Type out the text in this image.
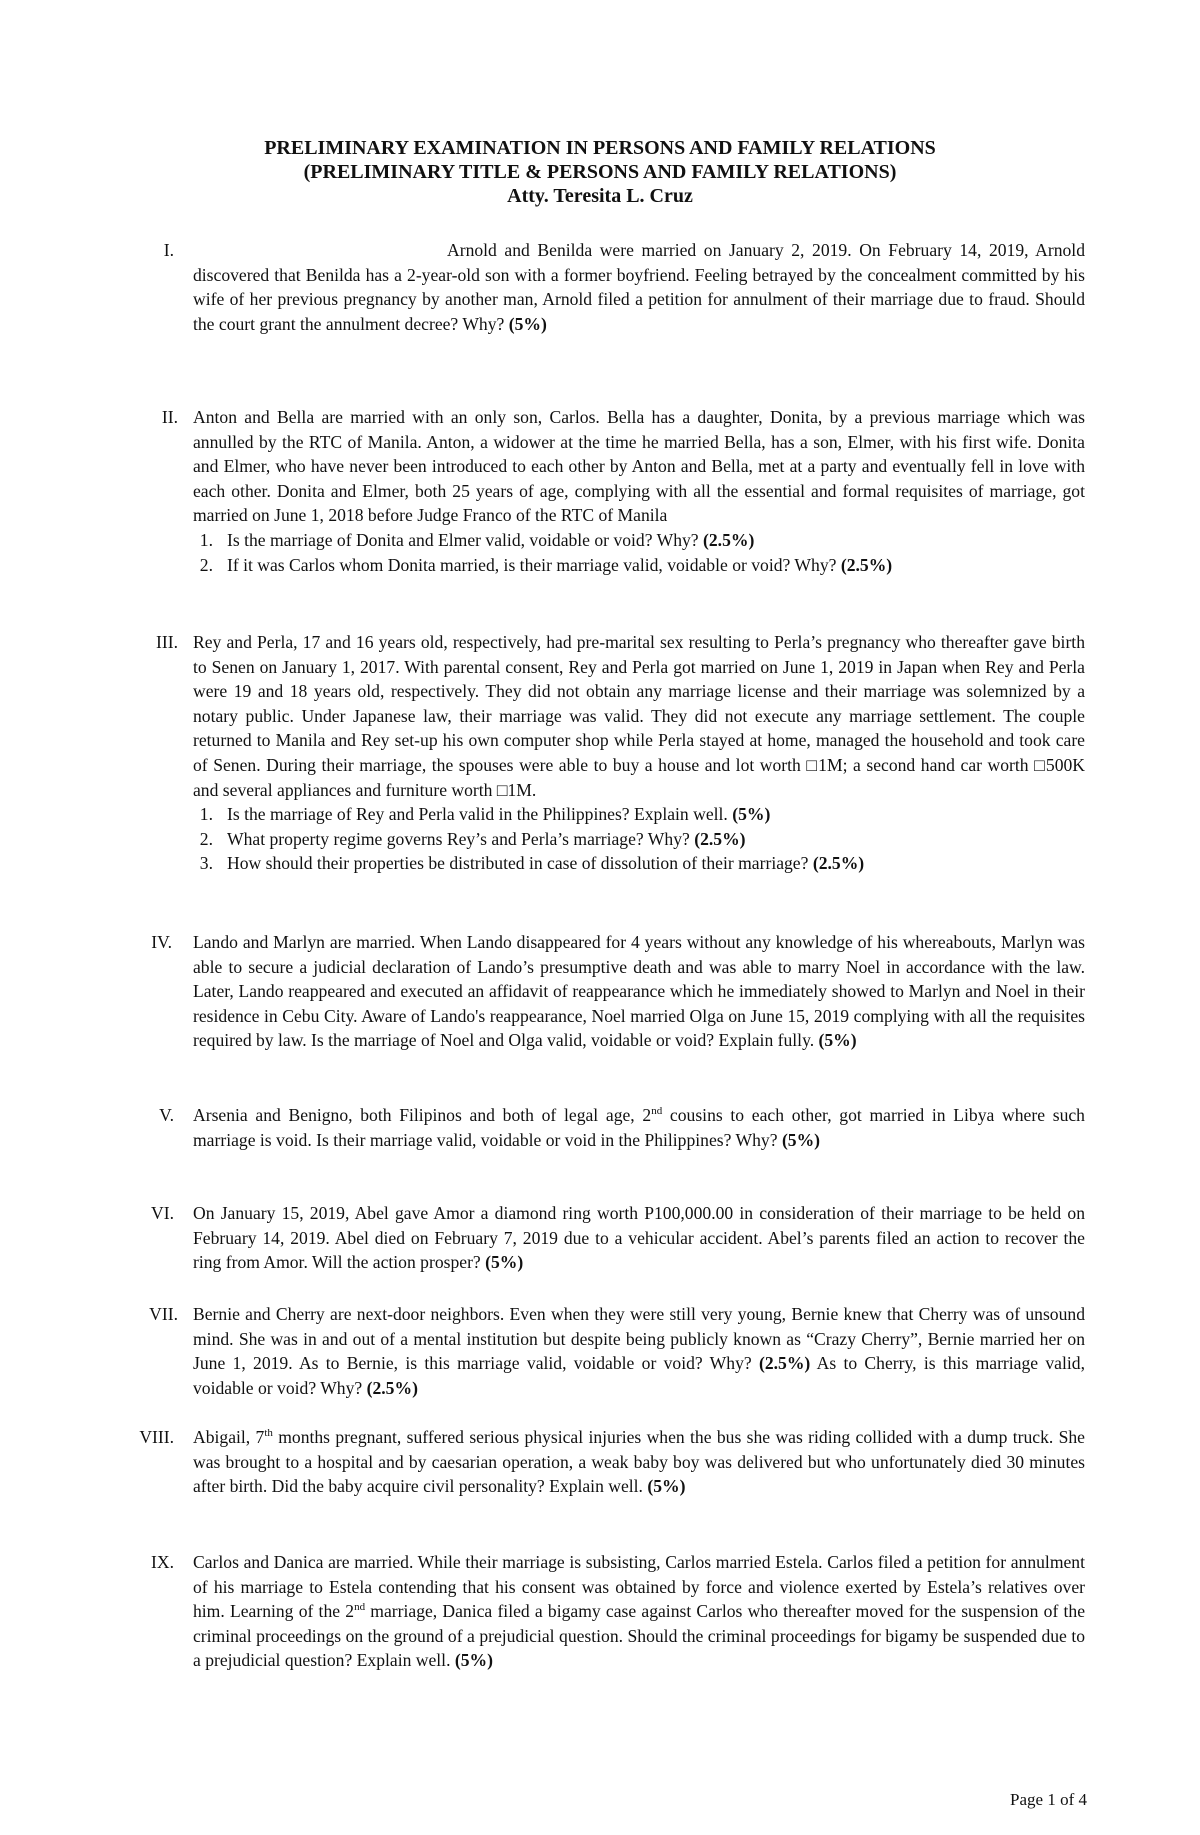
PRELIMINARY EXAMINATION IN PERSONS AND FAMILY RELATIONS
(PRELIMINARY TITLE & PERSONS AND FAMILY RELATIONS)
Atty. Teresita L. Cruz
I.	Arnold and Benilda were married on January 2, 2019. On February 14, 2019, Arnold discovered that Benilda has a 2-year-old son with a former boyfriend. Feeling betrayed by the concealment committed by his wife of her previous pregnancy by another man, Arnold filed a petition for annulment of their marriage due to fraud. Should the court grant the annulment decree? Why? (5%)
II. Anton and Bella are married with an only son, Carlos. Bella has a daughter, Donita, by a previous marriage which was annulled by the RTC of Manila. Anton, a widower at the time he married Bella, has a son, Elmer, with his first wife. Donita and Elmer, who have never been introduced to each other by Anton and Bella, met at a party and eventually fell in love with each other. Donita and Elmer, both 25 years of age, complying with all the essential and formal requisites of marriage, got married on June 1, 2018 before Judge Franco of the RTC of Manila
1. Is the marriage of Donita and Elmer valid, voidable or void? Why? (2.5%)
2. If it was Carlos whom Donita married, is their marriage valid, voidable or void? Why? (2.5%)
III. Rey and Perla, 17 and 16 years old, respectively, had pre-marital sex resulting to Perla’s pregnancy who thereafter gave birth to Senen on January 1, 2017. With parental consent, Rey and Perla got married on June 1, 2019 in Japan when Rey and Perla were 19 and 18 years old, respectively. They did not obtain any marriage license and their marriage was solemnized by a notary public. Under Japanese law, their marriage was valid. They did not execute any marriage settlement. The couple returned to Manila and Rey set-up his own computer shop while Perla stayed at home, managed the household and took care of Senen. During their marriage, the spouses were able to buy a house and lot worth □1M; a second hand car worth □500K and several appliances and furniture worth □1M.
1. Is the marriage of Rey and Perla valid in the Philippines? Explain well. (5%)
2. What property regime governs Rey’s and Perla’s marriage? Why? (2.5%)
3. How should their properties be distributed in case of dissolution of their marriage? (2.5%)
IV. Lando and Marlyn are married. When Lando disappeared for 4 years without any knowledge of his whereabouts, Marlyn was able to secure a judicial declaration of Lando’s presumptive death and was able to marry Noel in accordance with the law. Later, Lando reappeared and executed an affidavit of reappearance which he immediately showed to Marlyn and Noel in their residence in Cebu City. Aware of Lando's reappearance, Noel married Olga on June 15, 2019 complying with all the requisites required by law. Is the marriage of Noel and Olga valid, voidable or void? Explain fully. (5%)
V. Arsenia and Benigno, both Filipinos and both of legal age, 2nd cousins to each other, got married in Libya where such marriage is void. Is their marriage valid, voidable or void in the Philippines? Why? (5%)
VI. On January 15, 2019, Abel gave Amor a diamond ring worth P100,000.00 in consideration of their marriage to be held on February 14, 2019. Abel died on February 7, 2019 due to a vehicular accident. Abel’s parents filed an action to recover the ring from Amor. Will the action prosper? (5%)
VII. Bernie and Cherry are next-door neighbors. Even when they were still very young, Bernie knew that Cherry was of unsound mind. She was in and out of a mental institution but despite being publicly known as “Crazy Cherry”, Bernie married her on June 1, 2019. As to Bernie, is this marriage valid, voidable or void? Why? (2.5%) As to Cherry, is this marriage valid, voidable or void? Why? (2.5%)
VIII. Abigail, 7th months pregnant, suffered serious physical injuries when the bus she was riding collided with a dump truck. She was brought to a hospital and by caesarian operation, a weak baby boy was delivered but who unfortunately died 30 minutes after birth. Did the baby acquire civil personality? Explain well. (5%)
IX. Carlos and Danica are married. While their marriage is subsisting, Carlos married Estela. Carlos filed a petition for annulment of his marriage to Estela contending that his consent was obtained by force and violence exerted by Estela’s relatives over him. Learning of the 2nd marriage, Danica filed a bigamy case against Carlos who thereafter moved for the suspension of the criminal proceedings on the ground of a prejudicial question. Should the criminal proceedings for bigamy be suspended due to a prejudicial question? Explain well. (5%)
Page 1 of 4
